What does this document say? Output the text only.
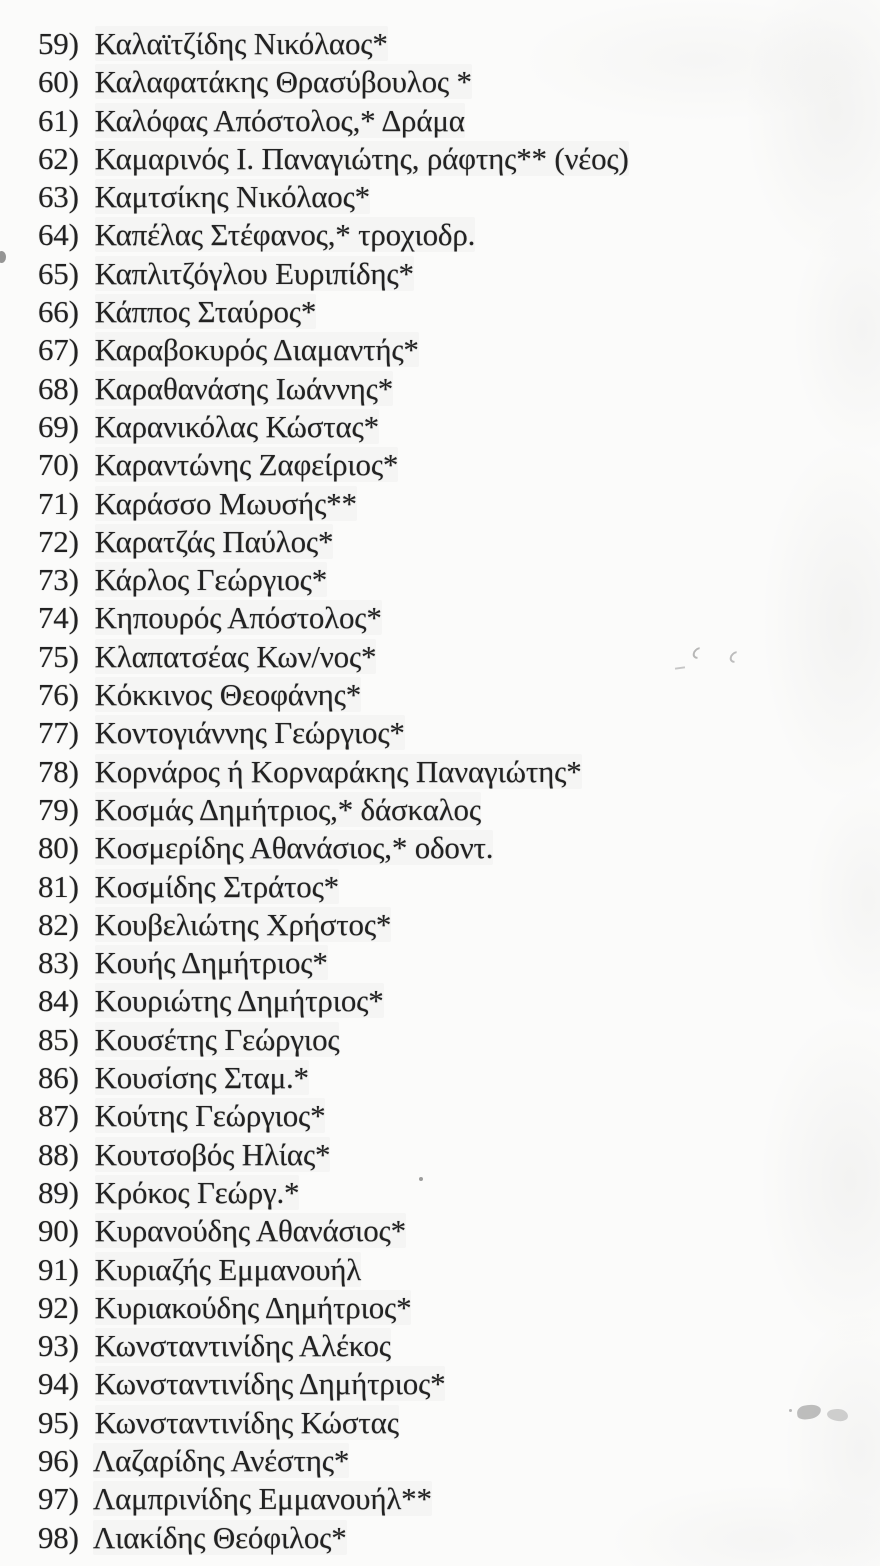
59) Καλαϊτζίδης Νικόλαος*
60) Καλαφατάκης Θρασύβουλος *
61) Καλόφας Απόστολος,* Δράμα
62) Καμαρινός Ι. Παναγιώτης, ράφτης** (νέος)
63) Καμτσίκης Νικόλαος*
64) Καπέλας Στέφανος,* τροχιοδρ.
65) Καπλιτζόγλου Ευριπίδης*
66) Κάππος Σταύρος*
67) Καραβοκυρός Διαμαντής*
68) Καραθανάσης Ιωάννης*
69) Καρανικόλας Κώστας*
70) Καραντώνης Ζαφείριος*
71) Καράσσο Μωυσής**
72) Καρατζάς Παύλος*
73) Κάρλος Γεώργιος*
74) Κηπουρός Απόστολος*
75) Κλαπατσέας Κων/νος*
76) Κόκκινος Θεοφάνης*
77) Κοντογιάννης Γεώργιος*
78) Κορνάρος ή Κορναράκης Παναγιώτης*
79) Κοσμάς Δημήτριος,* δάσκαλος
80) Κοσμερίδης Αθανάσιος,* οδοντ.
81) Κοσμίδης Στράτος*
82) Κουβελιώτης Χρήστος*
83) Κουής Δημήτριος*
84) Κουριώτης Δημήτριος*
85) Κουσέτης Γεώργιος
86) Κουσίσης Σταμ.*
87) Κούτης Γεώργιος*
88) Κουτσοβός Ηλίας*
89) Κρόκος Γεώργ.*
90) Κυρανούδης Αθανάσιος*
91) Κυριαζής Εμμανουήλ
92) Κυριακούδης Δημήτριος*
93) Κωνσταντινίδης Αλέκος
94) Κωνσταντινίδης Δημήτριος*
95) Κωνσταντινίδης Κώστας
96) Λαζαρίδης Ανέστης*
97) Λαμπρινίδης Εμμανουήλ**
98) Λιακίδης Θεόφιλος*
